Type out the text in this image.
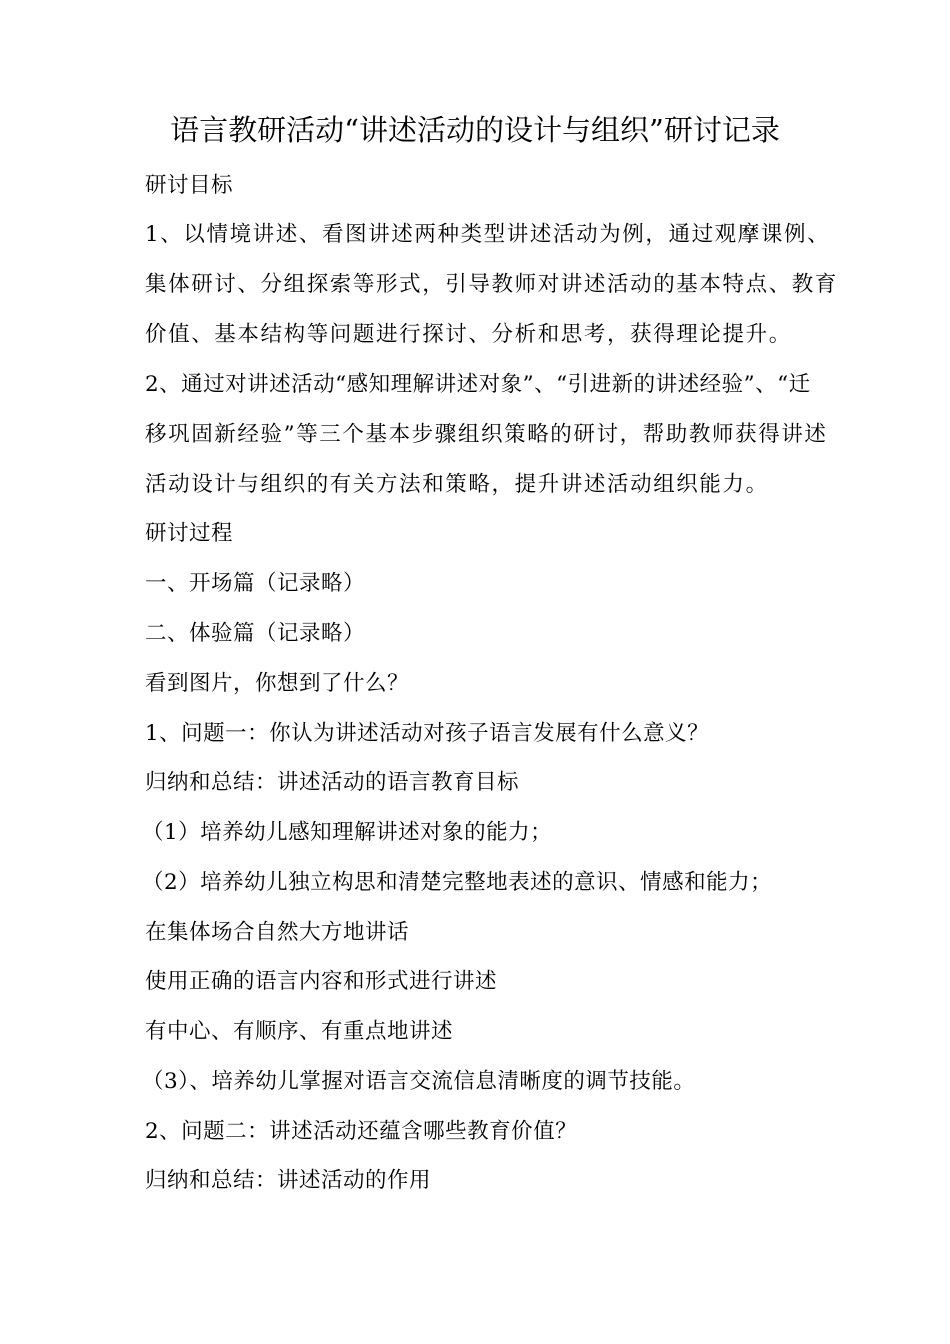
语言教研活动“讲述活动的设计与组织”研讨记录
研讨目标
1、以情境讲述、看图讲述两种类型讲述活动为例，通过观摩课例、
集体研讨、分组探索等形式，引导教师对讲述活动的基本特点、教育
价值、基本结构等问题进行探讨、分析和思考，获得理论提升。
2、通过对讲述活动“感知理解讲述对象”、“引进新的讲述经验”、“迁
移巩固新经验”等三个基本步骤组织策略的研讨，帮助教师获得讲述
活动设计与组织的有关方法和策略，提升讲述活动组织能力。
研讨过程
一、开场篇（记录略）
二、体验篇（记录略）
看到图片，你想到了什么？
1、问题一：你认为讲述活动对孩子语言发展有什么意义？
归纳和总结：讲述活动的语言教育目标
（1）培养幼儿感知理解讲述对象的能力；
（2）培养幼儿独立构思和清楚完整地表述的意识、情感和能力；
在集体场合自然大方地讲话
使用正确的语言内容和形式进行讲述
有中心、有顺序、有重点地讲述
（3）、培养幼儿掌握对语言交流信息清晰度的调节技能。
2、问题二：讲述活动还蕴含哪些教育价值？
归纳和总结：讲述活动的作用
